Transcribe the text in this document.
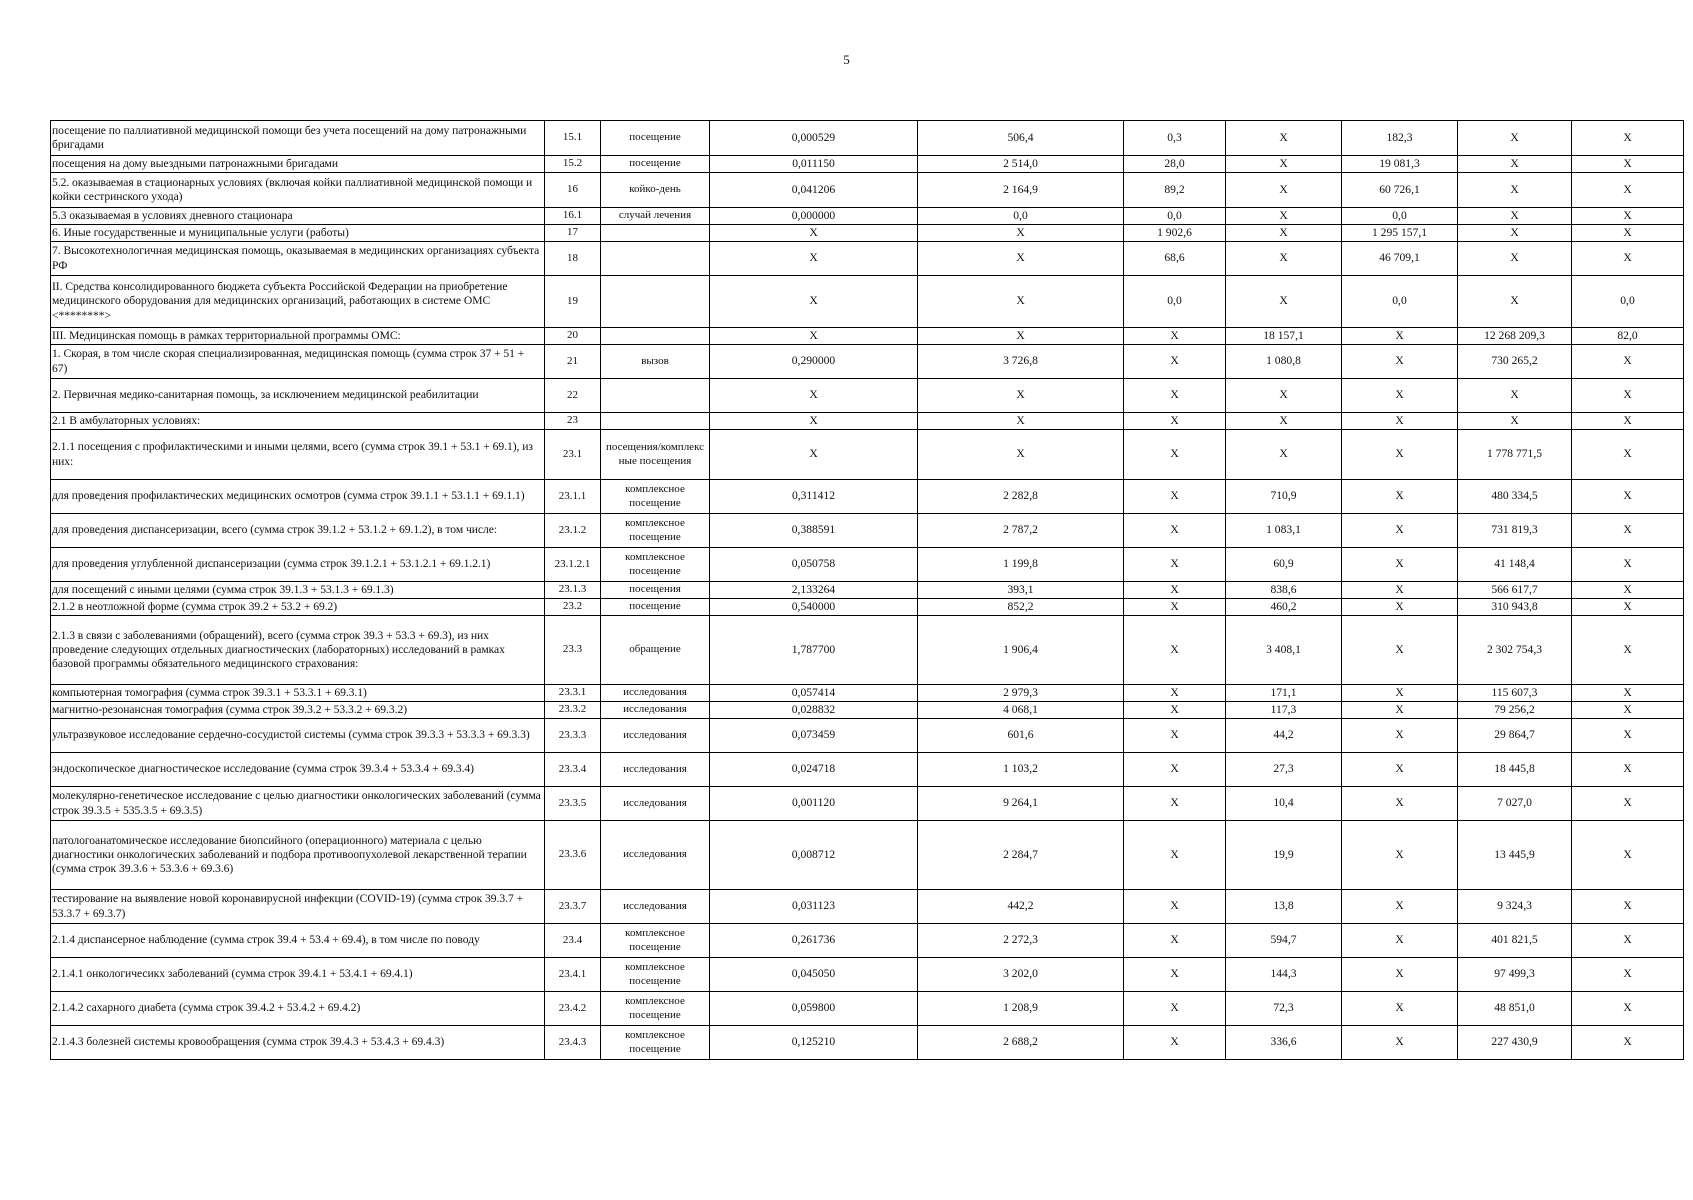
5
посещение по паллиативной медицинской помощи без учета посещений на дому патронажными бригадами	15.1	посещение	0,000529	506,4	0,3	Х	182,3	Х	Х
посещения на дому выездными патронажными бригадами	15.2	посещение	0,011150	2 514,0	28,0	Х	19 081,3	Х	Х
5.2. оказываемая в стационарных условиях (включая койки паллиативной медицинской помощи и койки сестринского ухода)	16	койко-день	0,041206	2 164,9	89,2	Х	60 726,1	Х	Х
5.3 оказываемая в условиях дневного стационара	16.1	случай лечения	0,000000	0,0	0,0	Х	0,0	Х	Х
6. Иные государственные и муниципальные услуги (работы)	17		Х	Х	1 902,6	Х	1 295 157,1	Х	Х
7. Высокотехнологичная медицинская помощь, оказываемая в медицинских организациях субъекта РФ	18		Х	Х	68,6	Х	46 709,1	Х	Х
II. Средства консолидированного бюджета субъекта Российской Федерации на приобретение медицинского оборудования для медицинских организаций, работающих в системе ОМС <********>	19		Х	Х	0,0	Х	0,0	Х	0,0
III. Медицинская помощь в рамках территориальной программы ОМС:	20		Х	Х	Х	18 157,1	Х	12 268 209,3	82,0
1. Скорая, в том числе скорая специализированная, медицинская помощь (сумма строк 37 + 51 + 67)	21	вызов	0,290000	3 726,8	Х	1 080,8	Х	730 265,2	Х
2. Первичная медико-санитарная помощь, за исключением медицинской реабилитации	22		Х	Х	Х	Х	Х	Х	Х
2.1 В амбулаторных условиях:	23		Х	Х	Х	Х	Х	Х	Х
2.1.1 посещения с профилактическими и иными целями, всего (сумма строк 39.1 + 53.1 + 69.1), из них:	23.1	посещения/комплекс ные посещения	Х	Х	Х	Х	Х	1 778 771,5	Х
для проведения профилактических медицинских осмотров (сумма строк 39.1.1 + 53.1.1 + 69.1.1)	23.1.1	комплексное посещение	0,311412	2 282,8	Х	710,9	Х	480 334,5	Х
для проведения диспансеризации, всего (сумма строк 39.1.2 + 53.1.2 + 69.1.2), в том числе:	23.1.2	комплексное посещение	0,388591	2 787,2	Х	1 083,1	Х	731 819,3	Х
для проведения углубленной диспансеризации (сумма строк 39.1.2.1 + 53.1.2.1 + 69.1.2.1)	23.1.2.1	комплексное посещение	0,050758	1 199,8	Х	60,9	Х	41 148,4	Х
для посещений с иными целями (сумма строк 39.1.3 + 53.1.3 + 69.1.3)	23.1.3	посещения	2,133264	393,1	Х	838,6	Х	566 617,7	Х
2.1.2 в неотложной форме (сумма строк 39.2 + 53.2 + 69.2)	23.2	посещение	0,540000	852,2	Х	460,2	Х	310 943,8	Х
2.1.3 в связи с заболеваниями (обращений), всего (сумма строк 39.3 + 53.3 + 69.3), из них проведение следующих отдельных диагностических (лабораторных) исследований в рамках базовой программы обязательного медицинского страхования:	23.3	обращение	1,787700	1 906,4	Х	3 408,1	Х	2 302 754,3	Х
компьютерная томография (сумма строк 39.3.1 + 53.3.1 + 69.3.1)	23.3.1	исследования	0,057414	2 979,3	Х	171,1	Х	115 607,3	Х
магнитно-резонансная томография (сумма строк 39.3.2 + 53.3.2 + 69.3.2)	23.3.2	исследования	0,028832	4 068,1	Х	117,3	Х	79 256,2	Х
ультразвуковое исследование сердечно-сосудистой системы (сумма строк 39.3.3 + 53.3.3 + 69.3.3)	23.3.3	исследования	0,073459	601,6	Х	44,2	Х	29 864,7	Х
эндоскопическое диагностическое исследование (сумма строк 39.3.4 + 53.3.4 + 69.3.4)	23.3.4	исследования	0,024718	1 103,2	Х	27,3	Х	18 445,8	Х
молекулярно-генетическое исследование с целью диагностики онкологических заболеваний (сумма строк 39.3.5 + 535.3.5 + 69.3.5)	23.3.5	исследования	0,001120	9 264,1	Х	10,4	Х	7 027,0	Х
патологоанатомическое исследование биопсийного (операционного) материала с целью диагностики онкологических заболеваний и подбора противоопухолевой лекарственной терапии (сумма строк 39.3.6 + 53.3.6 + 69.3.6)	23.3.6	исследования	0,008712	2 284,7	Х	19,9	Х	13 445,9	Х
тестирование на выявление новой коронавирусной инфекции (COVID-19) (сумма строк 39.3.7 + 53.3.7 + 69.3.7)	23.3.7	исследования	0,031123	442,2	Х	13,8	Х	9 324,3	Х
2.1.4 диспансерное наблюдение (сумма строк 39.4 + 53.4 + 69.4), в том числе по поводу	23.4	комплексное посещение	0,261736	2 272,3	Х	594,7	Х	401 821,5	Х
2.1.4.1 онкологичесикх заболеваний (сумма строк 39.4.1 + 53.4.1 + 69.4.1)	23.4.1	комплексное посещение	0,045050	3 202,0	Х	144,3	Х	97 499,3	Х
2.1.4.2 сахарного диабета (сумма строк 39.4.2 + 53.4.2 + 69.4.2)	23.4.2	комплексное посещение	0,059800	1 208,9	Х	72,3	Х	48 851,0	Х
2.1.4.3 болезней системы кровообращения (сумма строк 39.4.3 + 53.4.3 + 69.4.3)	23.4.3	комплексное посещение	0,125210	2 688,2	Х	336,6	Х	227 430,9	Х
